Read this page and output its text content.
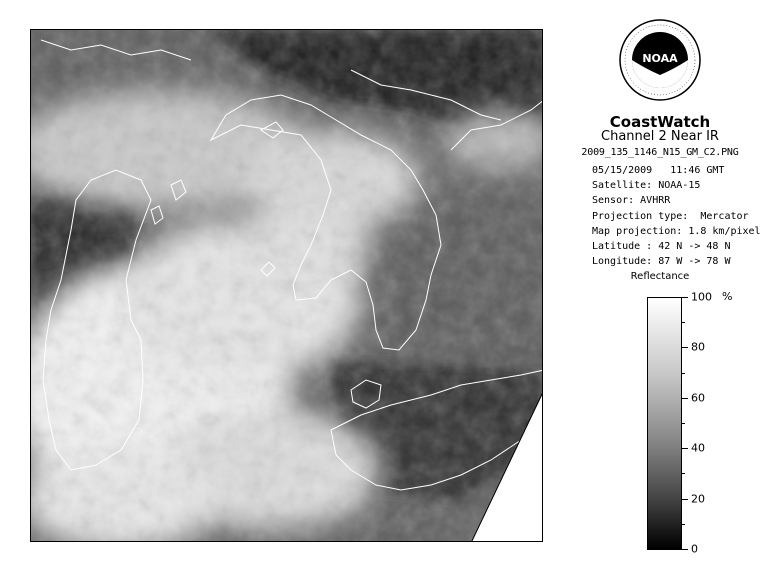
NOAA
CoastWatch
Channel 2 Near IR
2009_135_1146_N15_GM_C2.PNG
05/15/2009   11:46 GMT
Satellite: NOAA-15
Sensor: AVHRR
Projection type:  Mercator
Map projection: 1.8 km/pixel
Latitude : 42 N -> 48 N
Longitude: 87 W -> 78 W
Reflectance
%
100
80
60
40
20
0
